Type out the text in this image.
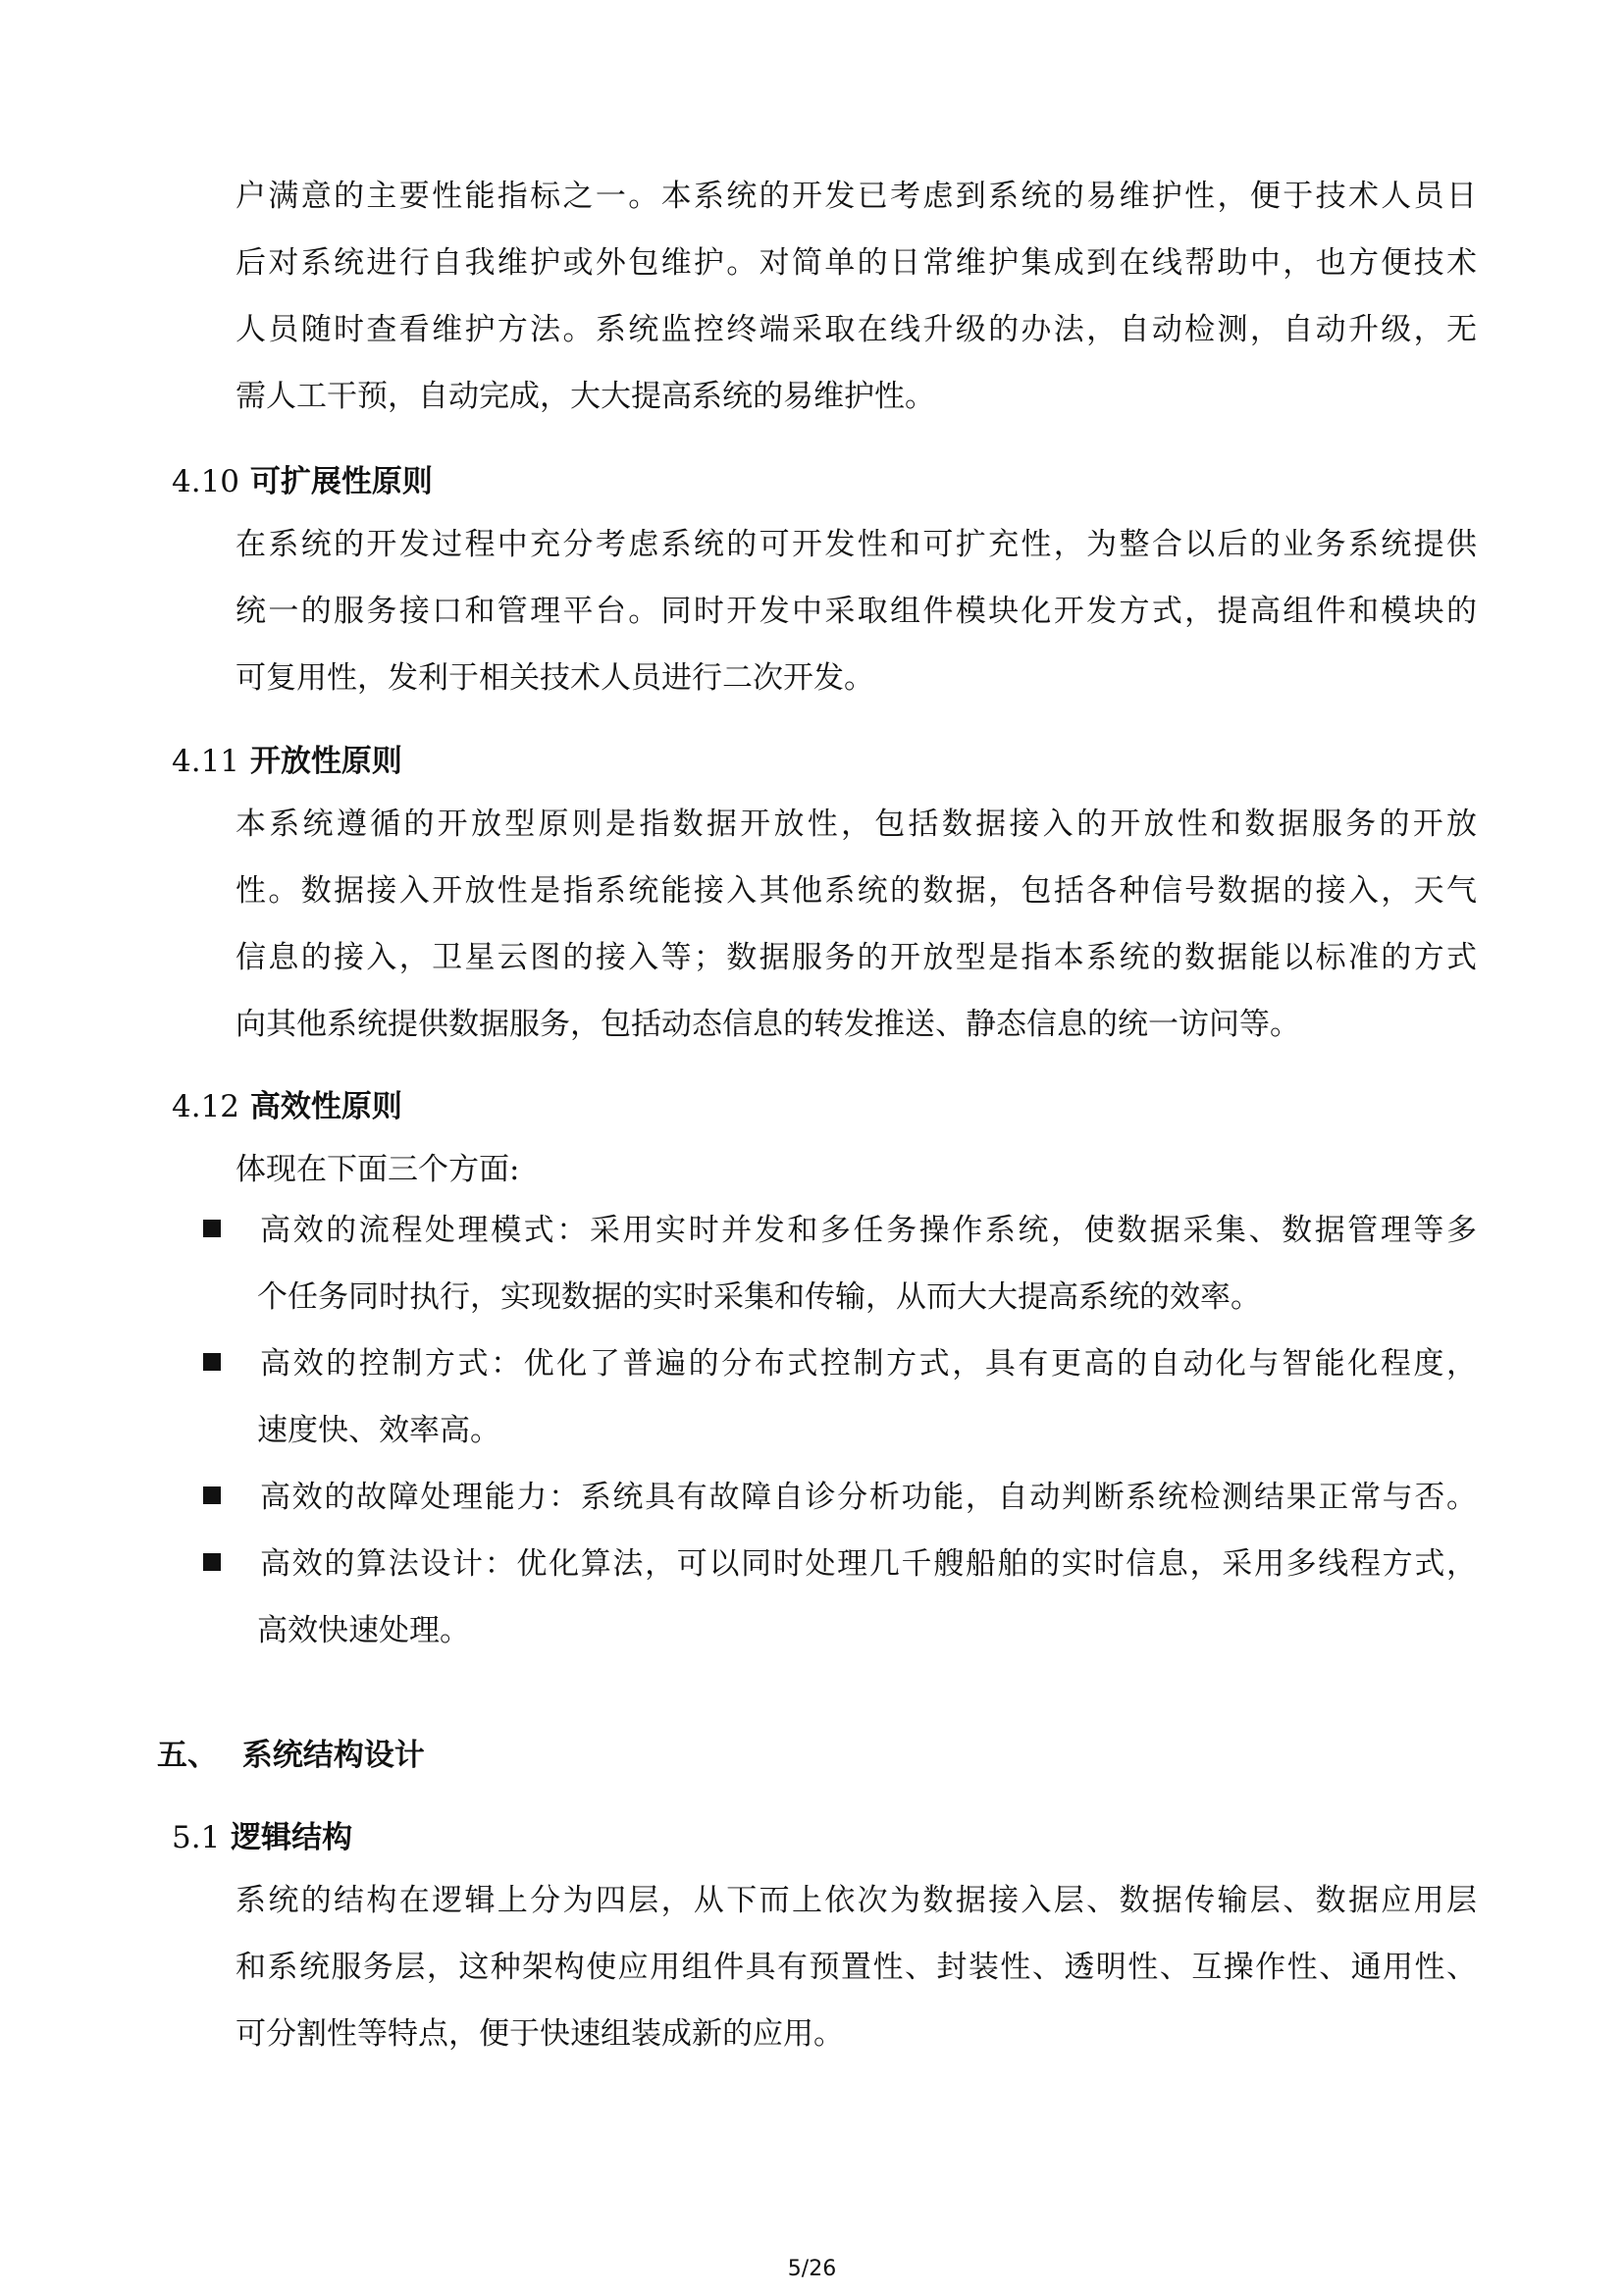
户满意的主要性能指标之一。本系统的开发已考虑到系统的易维护性，便于技术人员日
后对系统进行自我维护或外包维护。对简单的日常维护集成到在线帮助中，也方便技术
人员随时查看维护方法。系统监控终端采取在线升级的办法，自动检测，自动升级，无
需人工干预，自动完成，大大提高系统的易维护性。
4.10 可扩展性原则
在系统的开发过程中充分考虑系统的可开发性和可扩充性，为整合以后的业务系统提供
统一的服务接口和管理平台。同时开发中采取组件模块化开发方式，提高组件和模块的
可复用性，发利于相关技术人员进行二次开发。
4.11 开放性原则
本系统遵循的开放型原则是指数据开放性，包括数据接入的开放性和数据服务的开放
性。数据接入开放性是指系统能接入其他系统的数据，包括各种信号数据的接入，天气
信息的接入，卫星云图的接入等；数据服务的开放型是指本系统的数据能以标准的方式
向其他系统提供数据服务，包括动态信息的转发推送、静态信息的统一访问等。
4.12 高效性原则
体现在下面三个方面:
高效的流程处理模式：采用实时并发和多任务操作系统，使数据采集、数据管理等多
个任务同时执行，实现数据的实时采集和传输，从而大大提高系统的效率。
高效的控制方式：优化了普遍的分布式控制方式，具有更高的自动化与智能化程度，
速度快、效率高。
高效的故障处理能力：系统具有故障自诊分析功能，自动判断系统检测结果正常与否。
高效的算法设计：优化算法，可以同时处理几千艘船舶的实时信息，采用多线程方式，
高效快速处理。
五、 系统结构设计
5.1 逻辑结构
系统的结构在逻辑上分为四层，从下而上依次为数据接入层、数据传输层、数据应用层
和系统服务层，这种架构使应用组件具有预置性、封装性、透明性、互操作性、通用性、
可分割性等特点，便于快速组装成新的应用。
5/26
